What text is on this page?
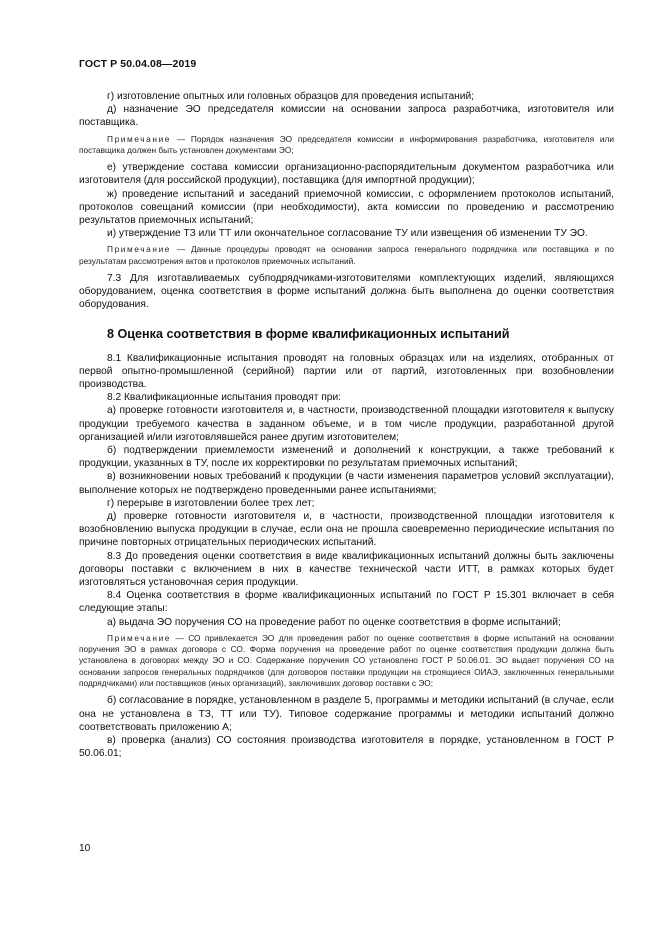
ГОСТ Р 50.04.08—2019

г) изготовление опытных или головных образцов для проведения испытаний;

д) назначение ЭО председателя комиссии на основании запроса разработчика, изготовителя или поставщика.

Примечание — Порядок назначения ЭО председателя комиссии и информирования разработчика, изготовителя или поставщика должен быть установлен документами ЭО;

е) утверждение состава комиссии организационно-распорядительным документом разработчика или изготовителя (для российской продукции), поставщика (для импортной продукции);

ж) проведение испытаний и заседаний приемочной комиссии, с оформлением протоколов испытаний, протоколов совещаний комиссии (при необходимости), акта комиссии по проведению и рассмотрению результатов приемочных испытаний;

и) утверждение ТЗ или ТТ или окончательное согласование ТУ или извещения об изменении ТУ ЭО.

Примечание — Данные процедуры проводят на основании запроса генерального подрядчика или поставщика и по результатам рассмотрения актов и протоколов приемочных испытаний.

7.3 Для изготавливаемых субподрядчиками-изготовителями комплектующих изделий, являющихся оборудованием, оценка соответствия в форме испытаний должна быть выполнена до оценки соответствия оборудования.

8 Оценка соответствия в форме квалификационных испытаний

8.1 Квалификационные испытания проводят на головных образцах или на изделиях, отобранных от первой опытно-промышленной (серийной) партии или от партий, изготовленных при возобновлении производства.

8.2 Квалификационные испытания проводят при:

а) проверке готовности изготовителя и, в частности, производственной площадки изготовителя к выпуску продукции требуемого качества в заданном объеме, и в том числе продукции, разработанной другой организацией и/или изготовлявшейся ранее другим изготовителем;

б) подтверждении приемлемости изменений и дополнений к конструкции, а также требований к продукции, указанных в ТУ, после их корректировки по результатам приемочных испытаний;

в) возникновении новых требований к продукции (в части изменения параметров условий эксплуатации), выполнение которых не подтверждено проведенными ранее испытаниями;

г) перерыве в изготовлении более трех лет;

д) проверке готовности изготовителя и, в частности, производственной площадки изготовителя к возобновлению выпуска продукции в случае, если она не прошла своевременно периодические испытания по причине повторных отрицательных периодических испытаний.

8.3 До проведения оценки соответствия в виде квалификационных испытаний должны быть заключены договоры поставки с включением в них в качестве технической части ИТТ, в рамках которых будет изготовляться установочная серия продукции.

8.4 Оценка соответствия в форме квалификационных испытаний по ГОСТ Р 15.301 включает в себя следующие этапы:

а) выдача ЭО поручения СО на проведение работ по оценке соответствия в форме испытаний;

Примечание — СО привлекается ЭО для проведения работ по оценке соответствия в форме испытаний на основании поручения ЭО в рамках договора с СО. Форма поручения на проведение работ по оценке соответствия продукции должна быть установлена в договорах между ЭО и СО. Содержание поручения СО установлено ГОСТ Р 50.06.01. ЭО выдает поручения СО на основании запросов генеральных подрядчиков (для договоров поставки продукции на строящиеся ОИАЭ, заключенных генеральными подрядчиками) или поставщиков (иных организаций), заключивших договор поставки с ЭО;

б) согласование в порядке, установленном в разделе 5, программы и методики испытаний (в случае, если она не установлена в ТЗ, ТТ или ТУ). Типовое содержание программы и методики испытаний должно соответствовать приложению А;

в) проверка (анализ) СО состояния производства изготовителя в порядке, установленном в ГОСТ Р 50.06.01;

10
